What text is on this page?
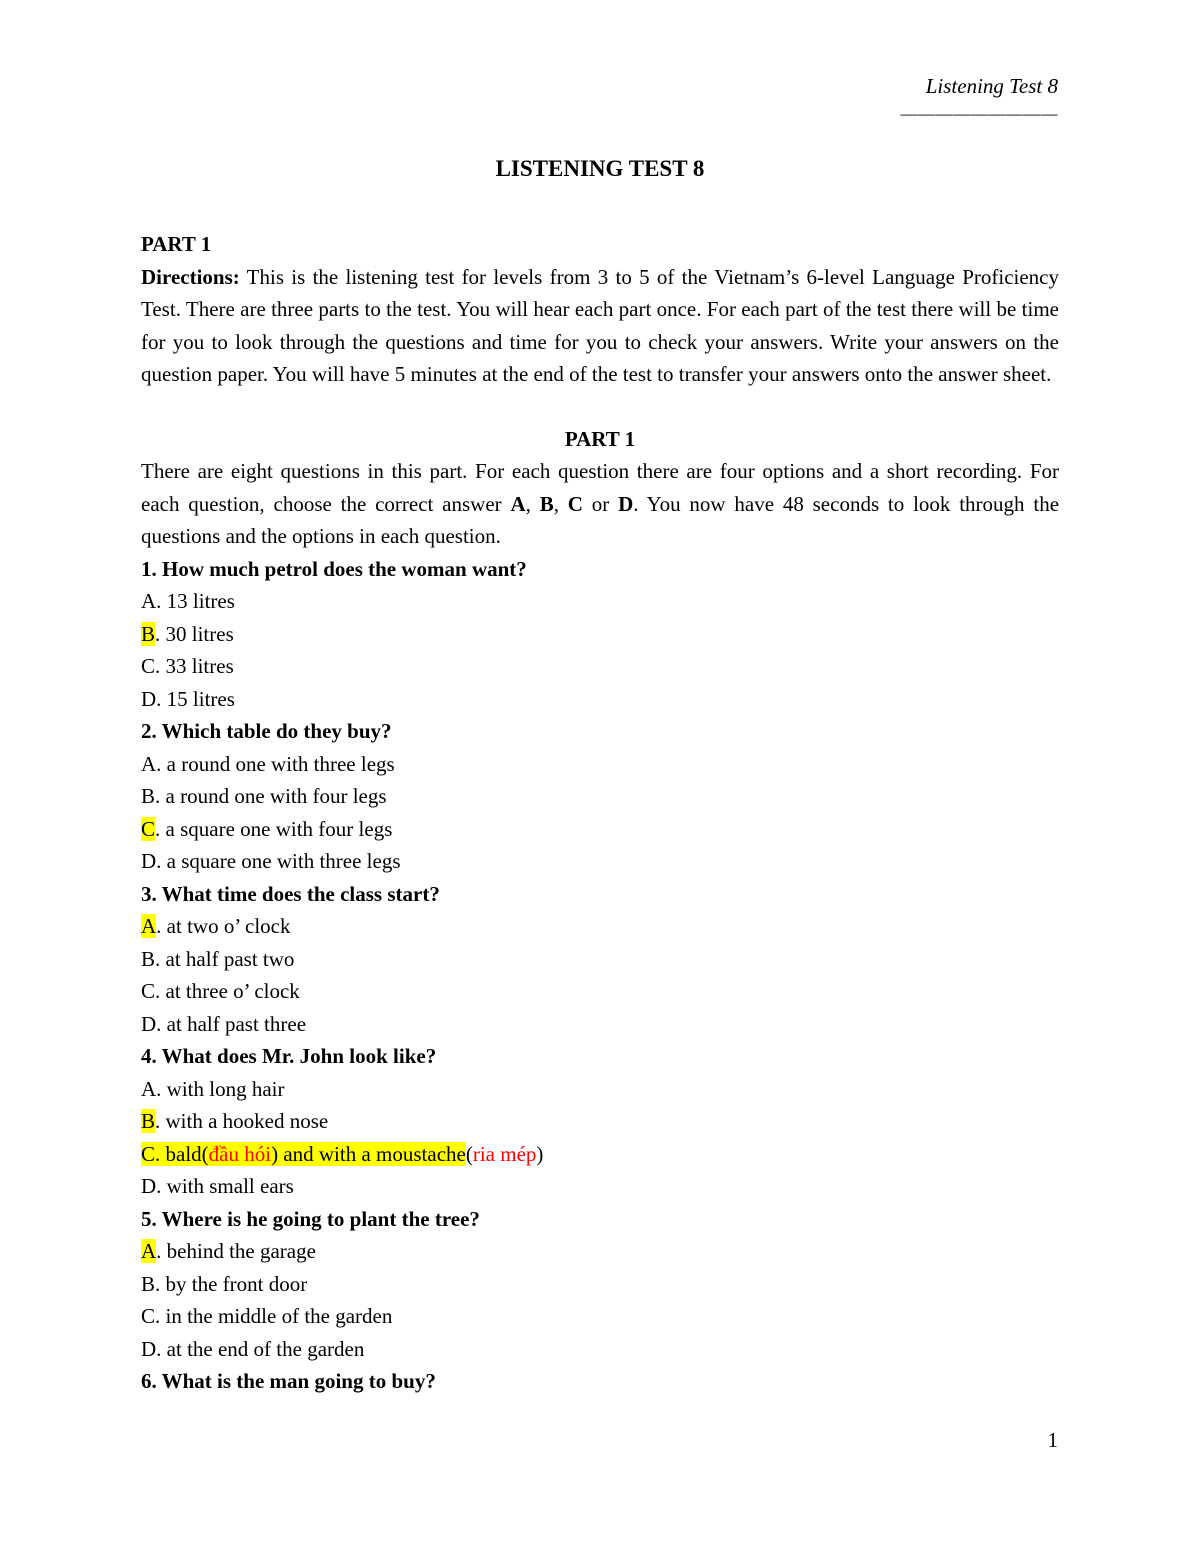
Listening Test 8
—————————
LISTENING TEST 8
PART 1

Directions: This is the listening test for levels from 3 to 5 of the Vietnam’s 6-level Language Proficiency Test. There are three parts to the test. You will hear each part once. For each part of the test there will be time for you to look through the questions and time for you to check your answers. Write your answers on the question paper. You will have 5 minutes at the end of the test to transfer your answers onto the answer sheet.

PART 1

There are eight questions in this part. For each question there are four options and a short recording. For each question, choose the correct answer A, B, C or D. You now have 48 seconds to look through the questions and the options in each question.

1. How much petrol does the woman want?
A. 13 litres
B. 30 litres
C. 33 litres
D. 15 litres
2. Which table do they buy?
A. a round one with three legs
B. a round one with four legs
C. a square one with four legs
D. a square one with three legs
3. What time does the class start?
A. at two o’ clock
B. at half past two
C. at three o’ clock
D. at half past three
4. What does Mr. John look like?
A. with long hair
B. with a hooked nose
C. bald(đầu hói) and with a moustache(ria mép)
D. with small ears
5. Where is he going to plant the tree?
A. behind the garage
B. by the front door
C. in the middle of the garden
D. at the end of the garden
6. What is the man going to buy?
1
